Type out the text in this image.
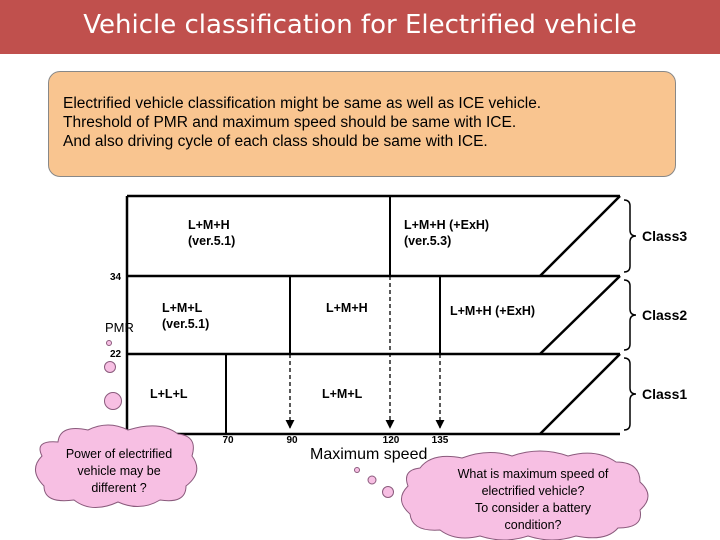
Vehicle classification for Electrified vehicle
Electrified vehicle classification might be same as well as ICE vehicle.
Threshold of PMR and maximum speed should be same with ICE.
And also driving cycle of each class should be same with ICE.
34
22
70	90	120	135
L+M+H
(ver.5.1)
L+M+H (+ExH)
(ver.5.3)
L+M+L
(ver.5.1)
L+M+H	L+M+H (+ExH)
L+L+L	L+M+L
Class3
Class2
Class1
PMR
Maximum speed
Power of electrified
vehicle may be
different ?
What is maximum speed of
electrified vehicle?
To consider a battery
condition?
